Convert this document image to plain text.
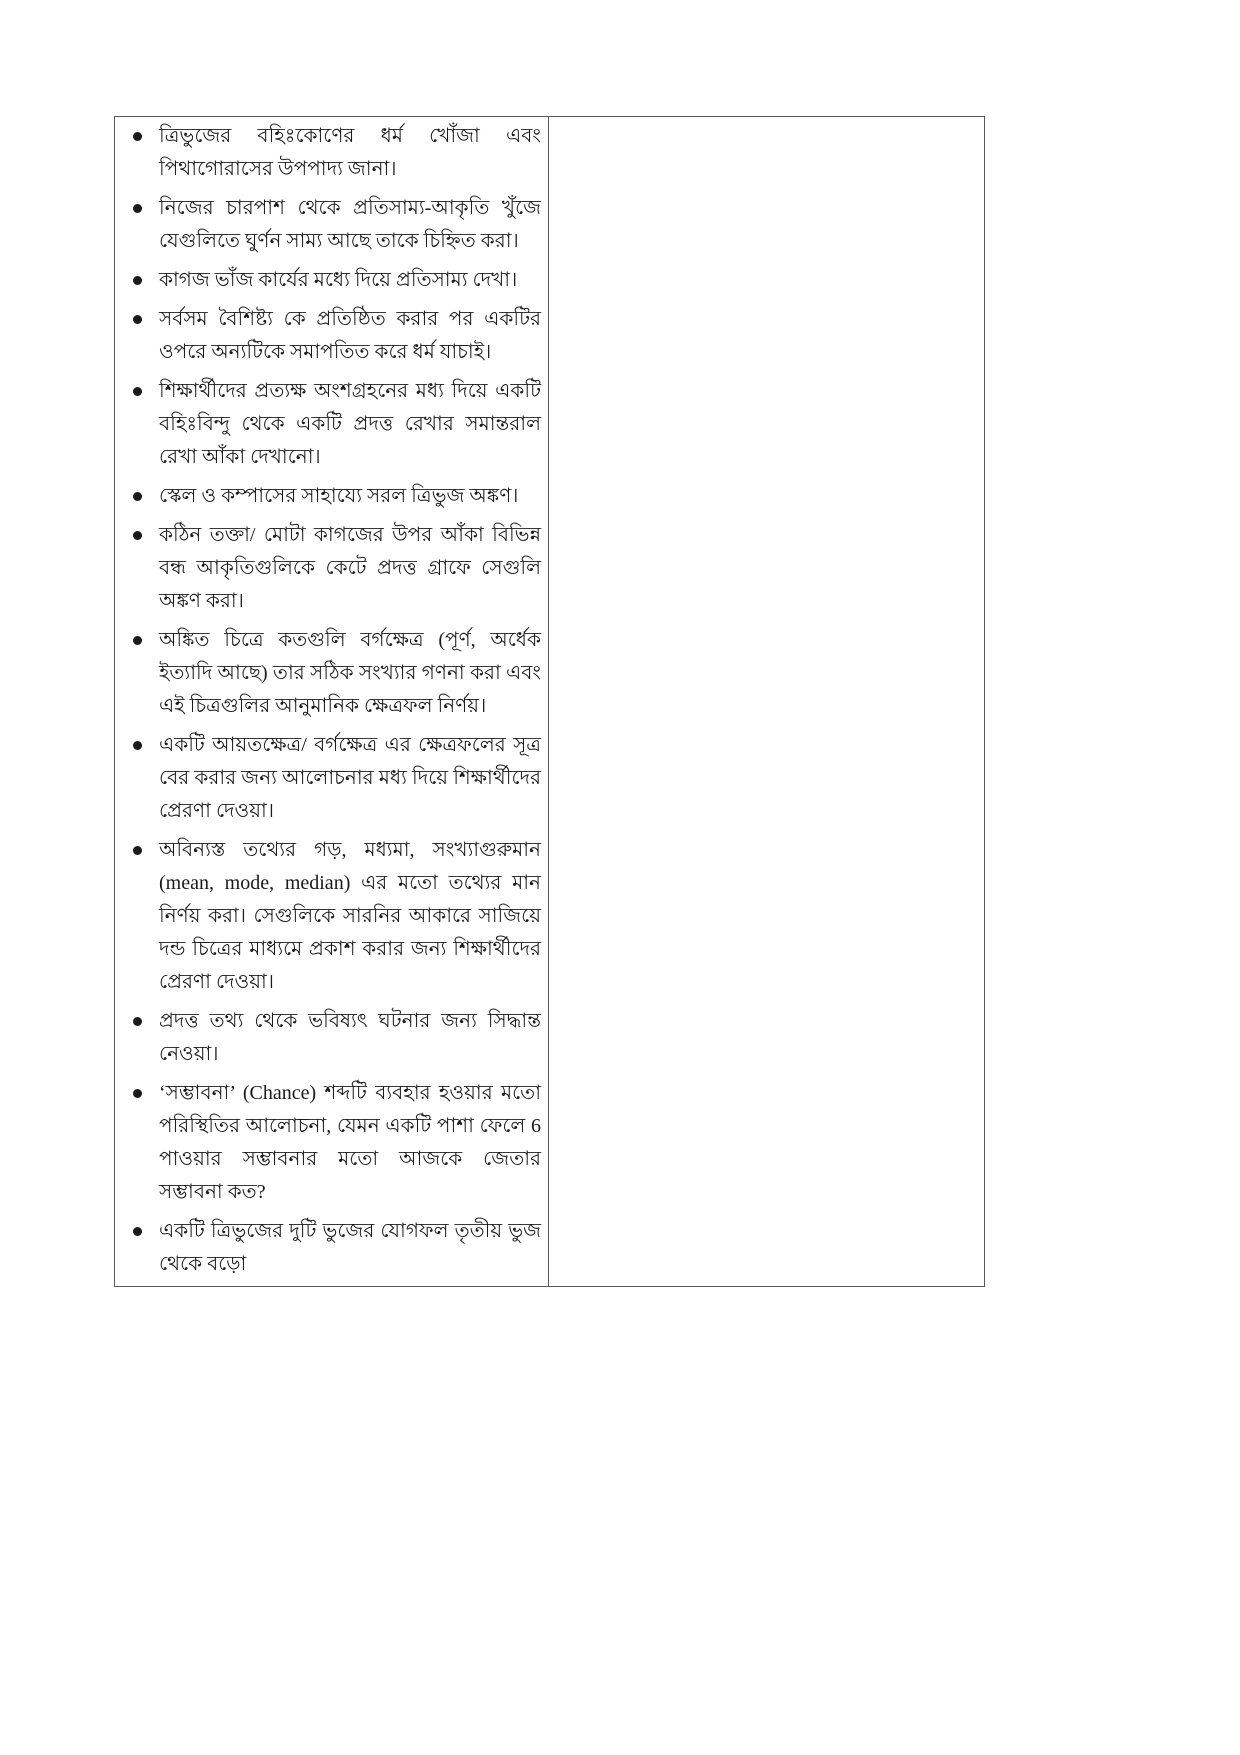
ত্রিভুজের বহিঃকোণের ধর্ম খোঁজা এবং পিথাগোরাসের উপপাদ্য জানা।
নিজের চারপাশ থেকে প্রতিসাম্য-আকৃতি খুঁজে যেগুলিতে ঘুর্ণন সাম্য আছে তাকে চিহ্নিত করা।
কাগজ ভাঁজ কার্যের মধ্যে দিয়ে প্রতিসাম্য দেখা।
সর্বসম বৈশিষ্ট্য কে প্রতিষ্ঠিত করার পর একটির ওপরে অন্যটিকে সমাপতিত করে ধর্ম যাচাই।
শিক্ষার্থীদের প্রত্যক্ষ অংশগ্রহনের মধ্য দিয়ে একটি বহিঃবিন্দু থেকে একটি প্রদত্ত রেখার সমান্তরাল রেখা আঁকা দেখানো।
স্কেল ও কম্পাসের সাহায্যে সরল ত্রিভুজ অঙ্কণ।
কঠিন তক্তা/ মোটা কাগজের উপর আঁকা বিভিন্ন বন্ধ আকৃতিগুলিকে কেটে প্রদত্ত গ্রাফে সেগুলি অঙ্কণ করা।
অঙ্কিত চিত্রে কতগুলি বর্গক্ষেত্র (পূর্ণ, অর্ধেক ইত্যাদি আছে) তার সঠিক সংখ্যার গণনা করা এবং এই চিত্রগুলির আনুমানিক ক্ষেত্রফল নির্ণয়।
একটি আয়তক্ষেত্র/ বর্গক্ষেত্র এর ক্ষেত্রফলের সূত্র বের করার জন্য আলোচনার মধ্য দিয়ে শিক্ষার্থীদের প্রেরণা দেওয়া।
অবিন্যস্ত তথ্যের গড়, মধ্যমা, সংখ্যাগুরুমান (mean, mode, median) এর মতো তথ্যের মান নির্ণয় করা। সেগুলিকে সারনির আকারে সাজিয়ে দন্ড চিত্রের মাধ্যমে প্রকাশ করার জন্য শিক্ষার্থীদের প্রেরণা দেওয়া।
প্রদত্ত তথ্য থেকে ভবিষ্যৎ ঘটনার জন্য সিদ্ধান্ত নেওয়া।
‘সম্ভাবনা’ (Chance) শব্দটি ব্যবহার হওয়ার মতো পরিস্থিতির আলোচনা, যেমন একটি পাশা ফেলে 6 পাওয়ার সম্ভাবনার মতো আজকে জেতার সম্ভাবনা কত?
একটি ত্রিভুজের দুটি ভুজের যোগফল তৃতীয় ভুজ থেকে বড়ো
